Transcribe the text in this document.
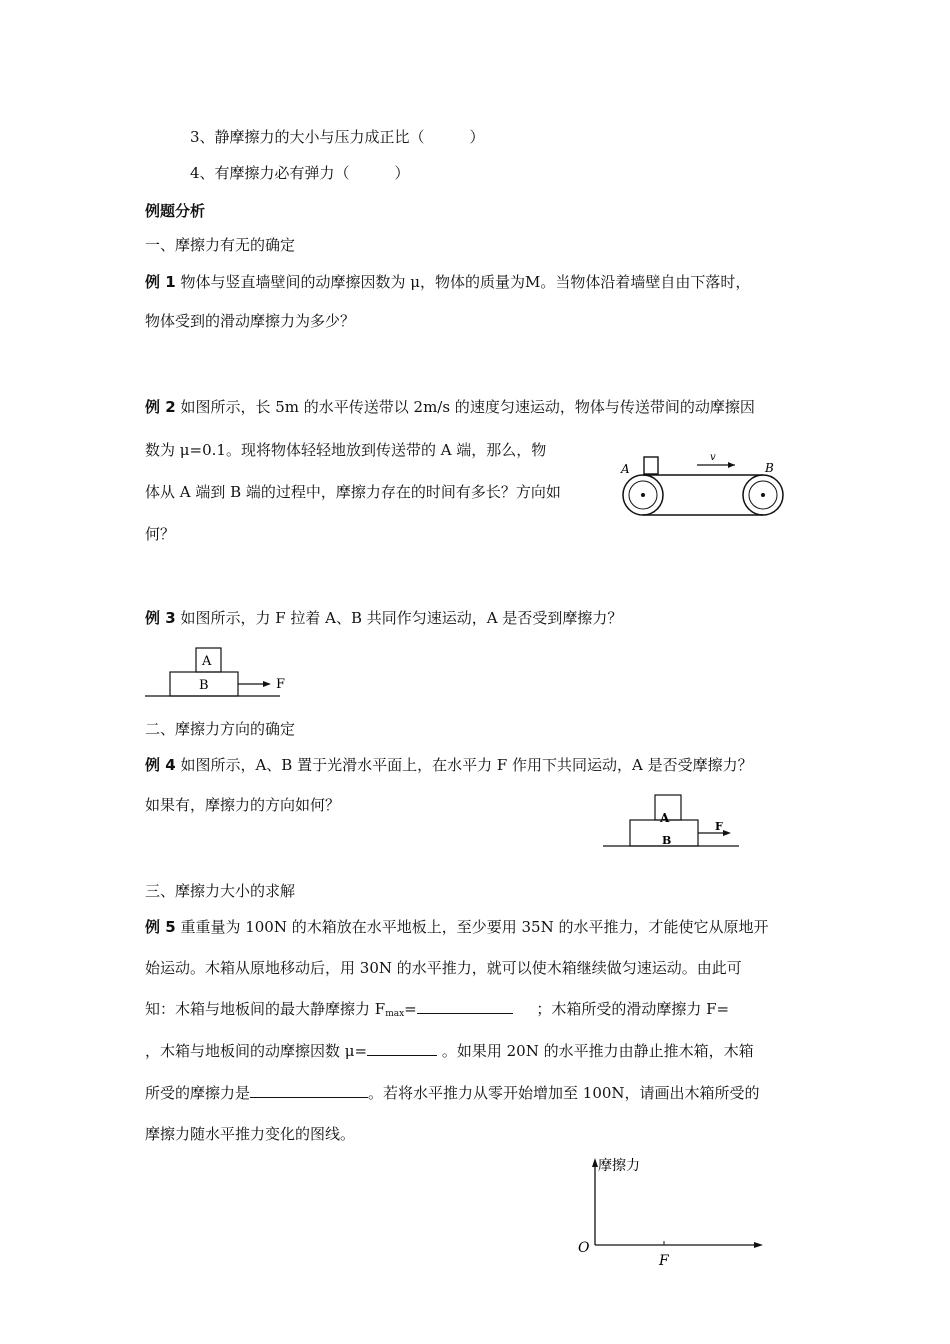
3、静摩擦力的大小与压力成正比（　　　）
4、有摩擦力必有弹力（　　　）
例题分析
一、摩擦力有无的确定
例 1 物体与竖直墙壁间的动摩擦因数为 μ，物体的质量为M。当物体沿着墙壁自由下落时，
物体受到的滑动摩擦力为多少？
例 2 如图所示，长 5m 的水平传送带以 2m/s 的速度匀速运动，物体与传送带间的动摩擦因
数为 μ=0.1。现将物体轻轻地放到传送带的 A 端，那么，物
体从 A 端到 B 端的过程中，摩擦力存在的时间有多长？方向如
何？
A	B
v
例 3 如图所示，力 F 拉着 A、B 共同作匀速运动，A 是否受到摩擦力？
A
B	F
二、摩擦力方向的确定
例 4 如图所示，A、B 置于光滑水平面上，在水平力 F 作用下共同运动，A 是否受摩擦力？
如果有，摩擦力的方向如何？
A
B
F
三、摩擦力大小的求解
例 5 重重量为 100N 的木箱放在水平地板上，至少要用 35N 的水平推力，才能使它从原地开
始运动。木箱从原地移动后，用 30N 的水平推力，就可以使木箱继续做匀速运动。由此可
知：木箱与地板间的最大静摩擦力 $F_{max}=$	；木箱所受的滑动摩擦力 F=
，木箱与地板间的动摩擦因数 μ=	。如果用 20N 的水平推力由静止推木箱，木箱
所受的摩擦力是	。若将水平推力从零开始增加至 100N，请画出木箱所受的
摩擦力随水平推力变化的图线。
摩擦力
F
O
